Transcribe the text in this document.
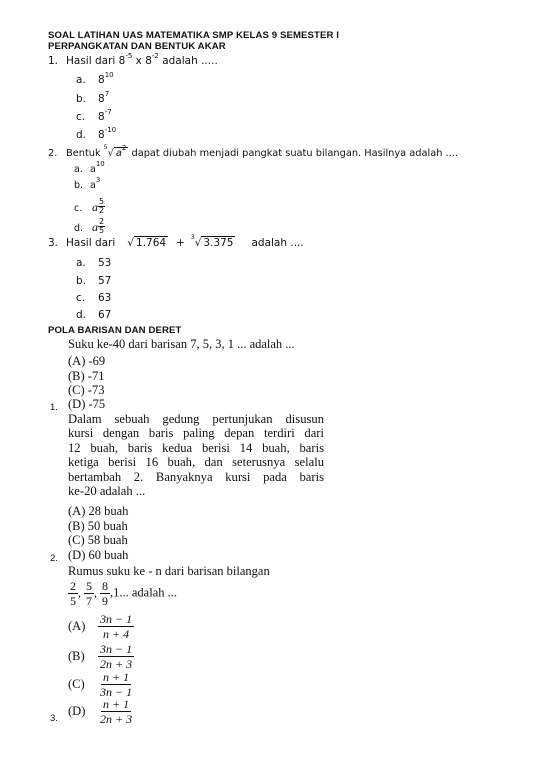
SOAL LATIHAN UAS MATEMATIKA SMP KELAS 9 SEMESTER I
PERPANGKATAN DAN BENTUK AKAR
1. Hasil dari $8^{-5}$ x $8^{-2}$ adalah .....
a. $8^{10}$
b. $8^7$
c. $8^{-7}$
d. $8^{-10}$
2. Bentuk $^5$√ $a^2$ dapat diubah menjadi pangkat suatu bilangan. Hasilnya adalah ....
a. $a^{10}$
b. $a^3$
c. a $\frac{5}{2}$
d. a $\frac{2}{5}$
3. Hasil dari √ 1.764 + $^3$√ 3.375 adalah ....
a. 53
b. 57
c. 63
d. 67
POLA BARISAN DAN DERET
Suku ke-40 dari barisan 7, 5, 3, 1 ... adalah ...
(A) -69
(B) -71
(C) -73
(D) -75
1.
Dalam sebuah gedung pertunjukan disusun
kursi dengan baris paling depan terdiri dari
12 buah, baris kedua berisi 14 buah, baris
ketiga berisi 16 buah, dan seterusnya selalu
bertambah 2. Banyaknya kursi pada baris
ke-20 adalah ...
(A) 28 buah
(B) 50 buah
(C) 58 buah
(D) 60 buah
2.
Rumus suku ke - n dari barisan bilangan
$\frac{2}{5}$ , $\frac{5}{7}$ , $\frac{8}{9} ,1$... adalah ...
$(A) \frac{3n - 1}{n + 4}$
$(B) \frac{3n - 1}{2n + 3}$
$(C) \frac{n + 1}{3n - 1}$
$(D) \frac{n + 1}{2n + 3}$
3.
